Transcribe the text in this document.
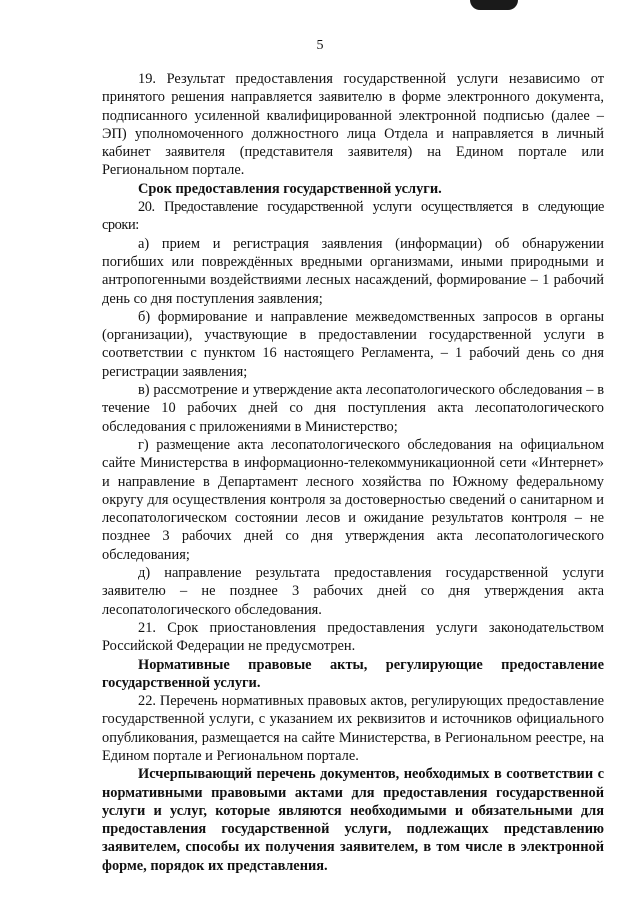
5

19. Результат предоставления государственной услуги независимо от принятого решения направляется заявителю в форме электронного документа, подписанного усиленной квалифицированной электронной подписью (далее – ЭП) уполномоченного должностного лица Отдела и направляется в личный кабинет заявителя (представителя заявителя) на Едином портале или Региональном портале.

Срок предоставления государственной услуги.

20. Предоставление государственной услуги осуществляется в следующие сроки:

а) прием и регистрация заявления (информации) об обнаружении погибших или повреждённых вредными организмами, иными природными и антропогенными воздействиями лесных насаждений, формирование – 1 рабочий день со дня поступления заявления;

б) формирование и направление межведомственных запросов в органы (организации), участвующие в предоставлении государственной услуги в соответствии с пунктом 16 настоящего Регламента, – 1 рабочий день со дня регистрации заявления;

в) рассмотрение и утверждение акта лесопатологического обследования – в течение 10 рабочих дней со дня поступления акта лесопатологического обследования с приложениями в Министерство;

г) размещение акта лесопатологического обследования на официальном сайте Министерства в информационно-телекоммуникационной сети «Интернет» и направление в Департамент лесного хозяйства по Южному федеральному округу для осуществления контроля за достоверностью сведений о санитарном и лесопатологическом состоянии лесов и ожидание результатов контроля – не позднее 3 рабочих дней со дня утверждения акта лесопатологического обследования;

д) направление результата предоставления государственной услуги заявителю – не позднее 3 рабочих дней со дня утверждения акта лесопатологического обследования.

21. Срок приостановления предоставления услуги законодательством Российской Федерации не предусмотрен.

Нормативные правовые акты, регулирующие предоставление государственной услуги.

22. Перечень нормативных правовых актов, регулирующих предоставление государственной услуги, с указанием их реквизитов и источников официального опубликования, размещается на сайте Министерства, в Региональном реестре, на Едином портале и Региональном портале.

Исчерпывающий перечень документов, необходимых в соответствии с нормативными правовыми актами для предоставления государственной услуги и услуг, которые являются необходимыми и обязательными для предоставления государственной услуги, подлежащих представлению заявителем, способы их получения заявителем, в том числе в электронной форме, порядок их представления.
